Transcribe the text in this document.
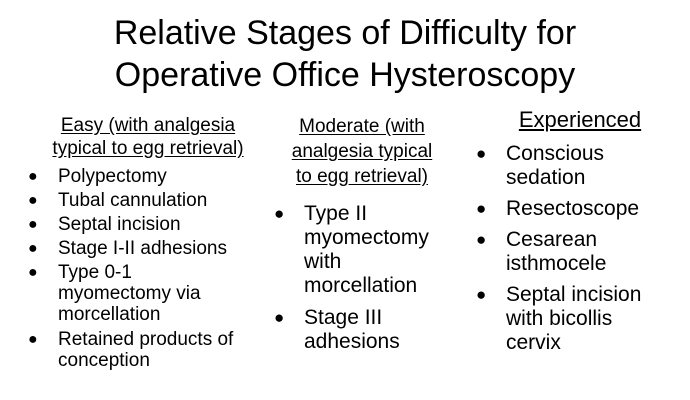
Relative Stages of Difficulty for
Operative Office Hysteroscopy
Easy (with analgesia
typical to egg retrieval)
● Polypectomy
● Tubal cannulation
● Septal incision
● Stage I-II adhesions
● Type 0-1
myomectomy via
morcellation
● Retained products of
conception
Moderate (with
analgesia typical
to egg retrieval)
● Type II
myomectomy
with
morcellation
● Stage III
adhesions
Experienced
● Conscious
sedation
● Resectoscope
● Cesarean
isthmocele
● Septal incision
with bicollis
cervix
